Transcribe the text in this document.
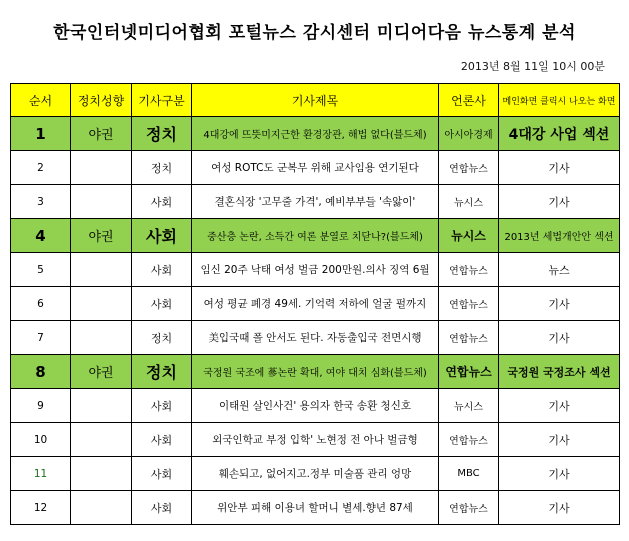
한국인터넷미디어협회 포털뉴스 감시센터 미디어다음 뉴스통계 분석
2013년 8월 11일 10시 00분
순서	정치성향	기사구분	기사제목	언론사	메인화면 클릭시 나오는 화면
1	야권	정치	4대강에 뜨뜻미지근한 환경장관, 해법 없다(블드체)	아시아경제	4대강 사업 섹션
2		정치	여성 ROTC도 군복무 위해 교사임용 연기된다	연합뉴스	기사
3		사회	결혼식장 '고무줄 가격', 예비부부들 '속앓이'	뉴시스	기사
4	야권	사회	중산층 논란, 소득간 여론 분열로 치닫나?(블드체)	뉴시스	2013년 세법개안안 섹션
5		사회	임신 20주 낙태 여성 벌금 200만원.의사 징역 6월	연합뉴스	뉴스
6		사회	여성 평균 폐경 49세. 기억력 저하에 얼굴 펄까지	연합뉴스	기사
7		정치	美입국때 폴 안서도 된다. 자동출입국 전면시행	연합뉴스	기사
8	야권	정치	국정원 국조에 蔘논란 확대, 여야 대치 심화(블드체)	연합뉴스	국정원 국정조사 섹션
9		사회	이태원 살인사건' 용의자 한국 송환 청신호	뉴시스	기사
10		사회	외국인학교 부정 입학' 노현정 전 아나 벌금형	연합뉴스	기사
11		사회	훼손되고, 없어지고.정부 미술품 관리 엉망	MBC	기사
12		사회	위안부 피해 이용녀 할머니 별세.향년 87세	연합뉴스	기사
